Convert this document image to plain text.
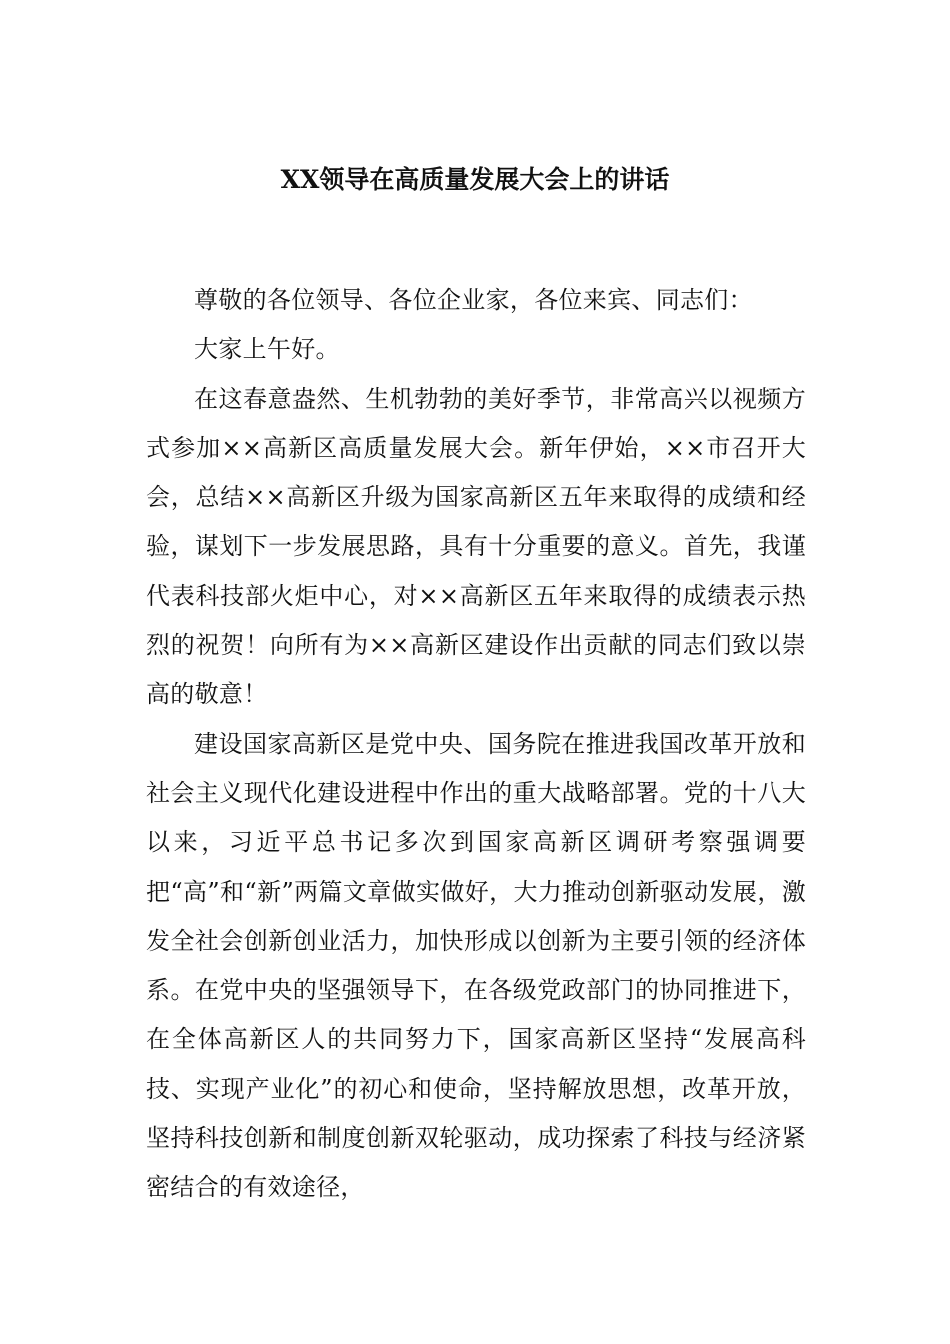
XX领导在高质量发展大会上的讲话

尊敬的各位领导、各位企业家，各位来宾、同志们：

大家上午好。

在这春意盎然、生机勃勃的美好季节，非常高兴以视频方式参加××高新区高质量发展大会。新年伊始，××市召开大会，总结××高新区升级为国家高新区五年来取得的成绩和经验，谋划下一步发展思路，具有十分重要的意义。首先，我谨代表科技部火炬中心，对××高新区五年来取得的成绩表示热烈的祝贺！向所有为××高新区建设作出贡献的同志们致以崇高的敬意！

建设国家高新区是党中央、国务院在推进我国改革开放和社会主义现代化建设进程中作出的重大战略部署。党的十八大以来，习近平总书记多次到国家高新区调研考察强调要把“高”和“新”两篇文章做实做好，大力推动创新驱动发展，激发全社会创新创业活力，加快形成以创新为主要引领的经济体系。在党中央的坚强领导下，在各级党政部门的协同推进下，在全体高新区人的共同努力下，国家高新区坚持“发展高科技、实现产业化”的初心和使命，坚持解放思想，改革开放，坚持科技创新和制度创新双轮驱动，成功探索了科技与经济紧密结合的有效途径，
